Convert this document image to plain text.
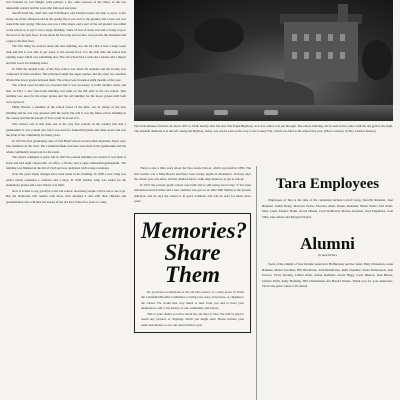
was founded by Lee Haight, (and perhaps a few other persons of the time), in the late nineteenth century and the years that followed and grew.

Sheriff Tarm Mc, chief Jim, and Will Boater, and Charles Grant, all came to serve. A fire broke out in the afternoon and in the spring fire it was torn to the ground, and a new one was started the next spring. The new one was a little larger, and a part of the old ground was added to the school so to say it was a larger building. Some 25 feet of stone was laid to bring it up to the level of the next floor. It was about 60 feet long and a boiler was put into the basement and a pipe to the first floor.

The first thing we noticed about the new building was the fact that it had a large water tank and that it was able to get water to the second floor. For the first time the school had running water which was something new. The old school had a well and a bucket and a dipper and that was it for drinking water.

In 1905 the student body of the Tara school was about 50 students and the faculty was composed of three teachers. The principal taught the upper grades, and the other two teachers divided the lower grades between them. The school was in session eight months of the year.

The school soon became too crowded and it was necessary to build another room, and later in 1912 a new four-room building was built on the hill next to the old school. This building was used for the upper grades and the old building for the lower grades until both were replaced.

Philip Warren, a member of the school board of the time, was in charge of the new building and he was very pleased with the result. He said it was the finest school building in the county and that the people of Tara could be proud of it.

Tara School was at that time one of the very few schools in the country that had a gymnasium. It was a small one, but it was used for basketball games and other sports and was the pride of the community for many years.

In 1915 the first graduating class of Tara High School received their diplomas. There were four members in the class. The commencement exercises were held in the gymnasium and the whole community turned out for the event.

The school continued to grow and in 1925 the present building was started. It was built of brick and had eight classrooms, an office, a library and a large auditorium-gymnasium. The building was finished in the fall of 1926 and was dedicated with a large ceremony.

Over the years many changes have been made in the building. In 1950 a new wing was added which contained a cafeteria and a shop. In 1958 another wing was added for the elementary grades and a new library was built.

Now it is time to say goodbye to the old school, and many people will be sad to see it go. But the memories will remain with those who attended it and with their children and grandchildren who will hear the stories of the old Tara School for years to come.

Tara Schoolhouse from the air about 1957 or 1958, shortly after the new War Eagle Highway, as it was called, was put through. The school building can be seen in the center with the old gym to the right. The baseball diamond is at the left. Along the highway, many cars can be seen on the way to the County Fair, which was held at the school that year. (Photo courtesy of Mrs. Charles Krause)

There is also a little story about the Tara Grade School, which was built in 1883. The first teacher was a Miss Brown and there were twenty pupils in attendance. In those days the school year was short, and the children had to walk long distances to get to school.

In 1937 the present grade school was built and is still being used today. It has been remodeled several times and a new addition was put on in 1962. Bill Mathis is the present principal, and he says the school is in good condition and will be used for many more years.

Memories?
Share Them

Do you have recollections of the old Tara school, or a story about it? Write the Centennial Booklet Committee or bring your story, old picture, or clipping to the school. We would like very much to hear from you and to have your memories to add to the history of our community and school.

This is your chance to tell us about the old days at Tara. We will be glad to return any pictures or clippings which you might send. Please include your name and address so we can return them to you.

Tara Employees

Employees of Tara at the time of the centennial include Carroll Long, Dorothy Rinehart, Jean Brannen, Judith Haley, Maxwell Dobie, Florence Rash, Donna Kirkland, Helen Wolfe, Earl Kraft, Mary Lund, Eleanor Holm, Gloria Hauser, Cecil Rohrbach, Marion Garrison, Paul Engelhorn, Joan Sims, Jane Albert and Morgan Frigard.

Alumni
by Ann Peters

Some of the alumni of Tara include Genevieve Hoffmeister and her sister, Betty Dickerson, Gene Hankins, Mabel Teachner, Bill Blackburn, John Burkholder, Ruth Chandler, Stella Richardson, Jean Powers, Vicky Sterling, Lillian Oxler, Arthur Redfield, Gloria Hogg, Carol Hanson, Jean Barber, Charles Pettit, Kelly Henning, Bill Christiansen and Harold Weeks. Thank you for your memories. Tara is the place where it all started.
